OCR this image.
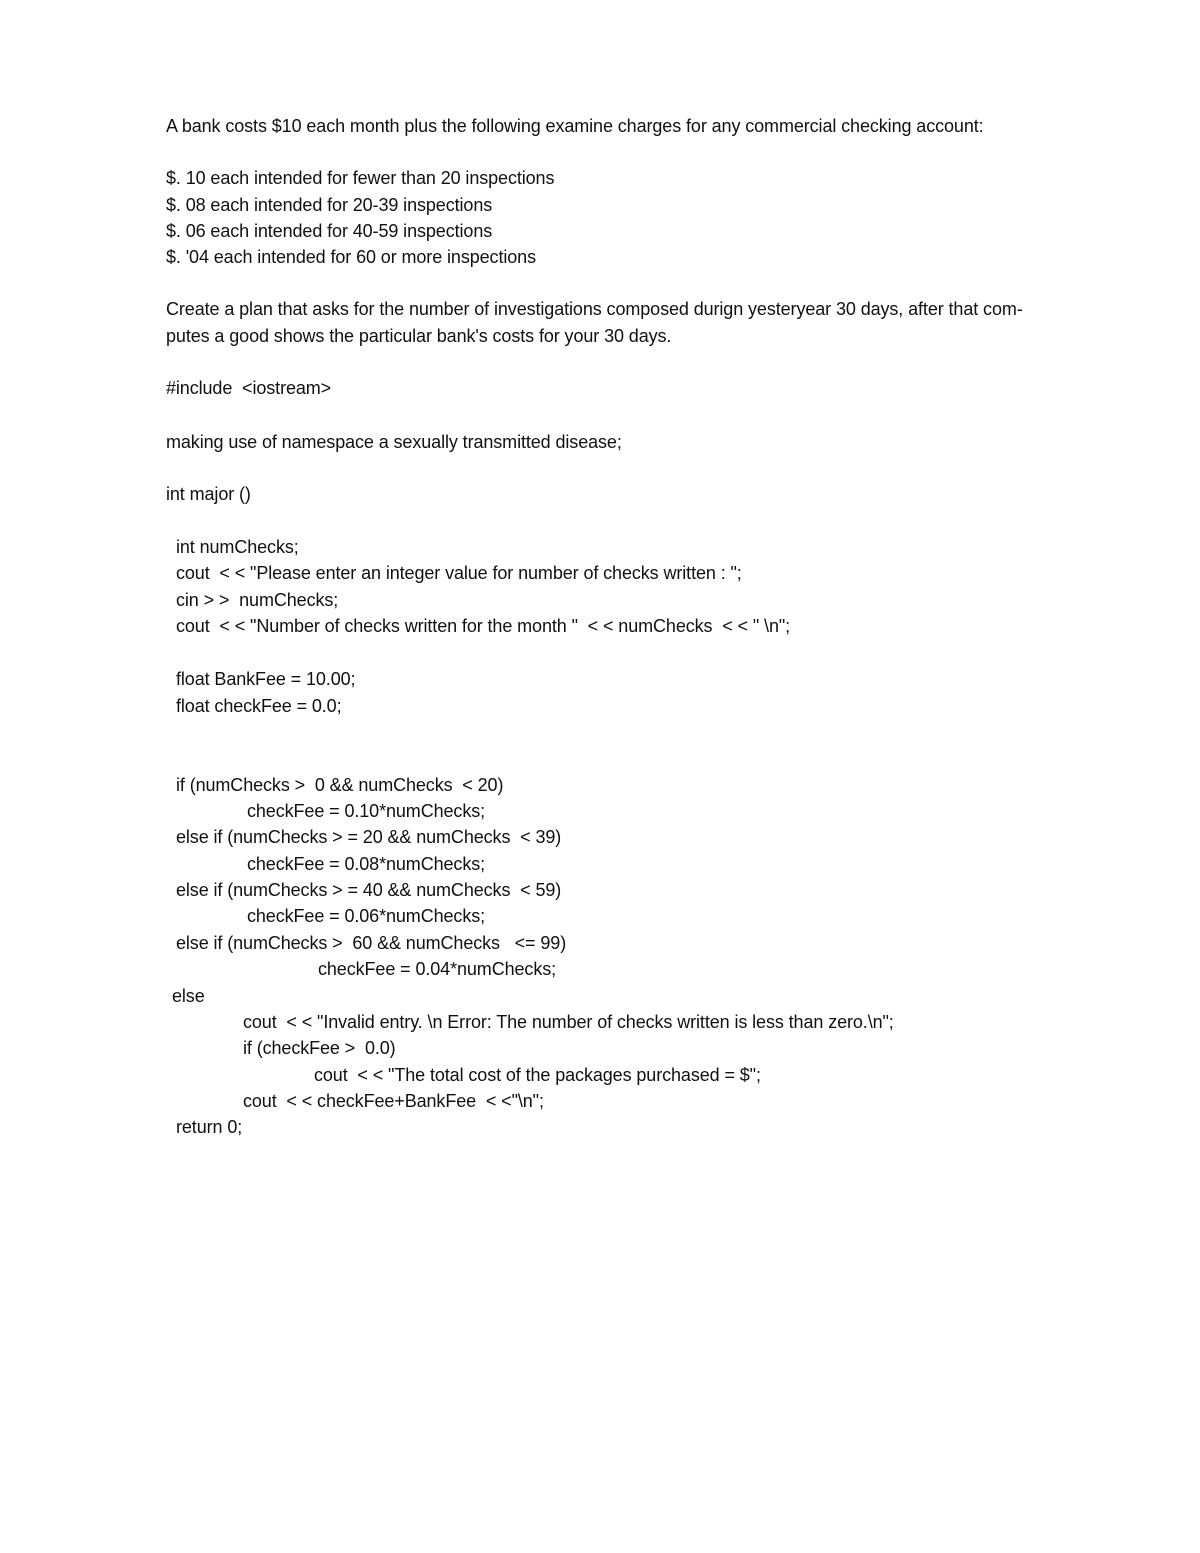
A bank costs $10 each month plus the following examine charges for any commercial checking account:
$. 10 each intended for fewer than 20 inspections
$. 08 each intended for 20-39 inspections
$. 06 each intended for 40-59 inspections
$. '04 each intended for 60 or more inspections
Create a plan that asks for the number of investigations composed durign yesteryear 30 days, after that com-
putes a good shows the particular bank's costs for your 30 days.
#include  <iostream>
making use of namespace a sexually transmitted disease;
int major ()
int numChecks;
cout  < < "Please enter an integer value for number of checks written : ";
cin > >  numChecks;
cout  < < "Number of checks written for the month "  < < numChecks  < < " \n";
float BankFee = 10.00;
float checkFee = 0.0;
if (numChecks >  0 && numChecks  < 20)
checkFee = 0.10*numChecks;
else if (numChecks > = 20 && numChecks  < 39)
checkFee = 0.08*numChecks;
else if (numChecks > = 40 && numChecks  < 59)
checkFee = 0.06*numChecks;
else if (numChecks >  60 && numChecks   <= 99)
checkFee = 0.04*numChecks;
else
cout  < < "Invalid entry. \n Error: The number of checks written is less than zero.\n";
if (checkFee >  0.0)
cout  < < "The total cost of the packages purchased = $";
cout  < < checkFee+BankFee  < <"\n";
return 0;
